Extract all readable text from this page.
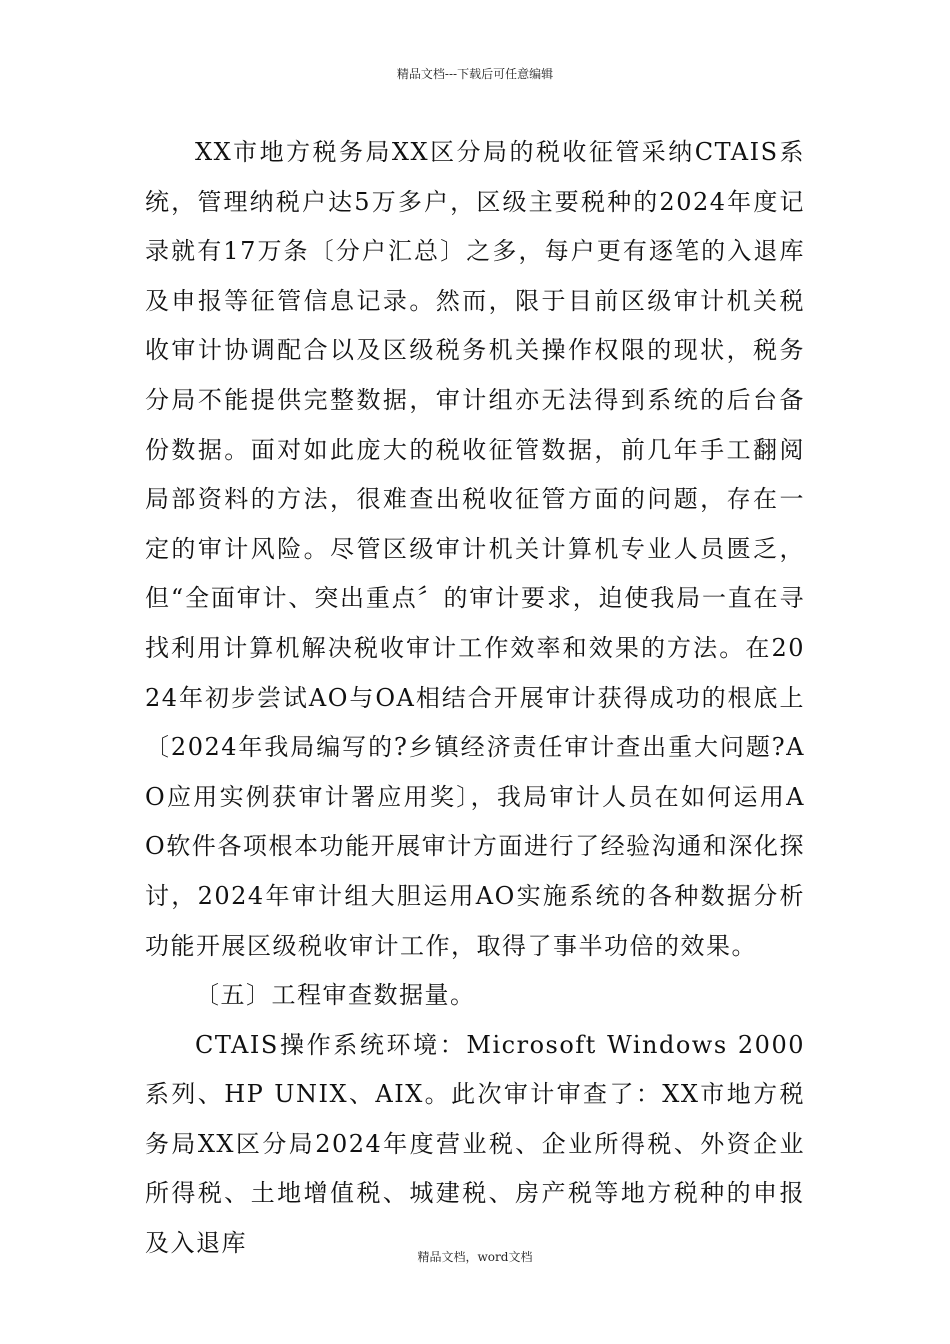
精品文档---下载后可任意编辑

XX市地方税务局XX区分局的税收征管采纳CTAIS系统，管理纳税户达5万多户，区级主要税种的2024年度记录就有17万条〔分户汇总〕之多，每户更有逐笔的入退库及申报等征管信息记录。然而，限于目前区级审计机关税收审计协调配合以及区级税务机关操作权限的现状，税务分局不能提供完整数据，审计组亦无法得到系统的后台备份数据。面对如此庞大的税收征管数据，前几年手工翻阅局部资料的方法，很难查出税收征管方面的问题，存在一定的审计风险。尽管区级审计机关计算机专业人员匮乏，但“全面审计、突出重点〞的审计要求，迫使我局一直在寻找利用计算机解决税收审计工作效率和效果的方法。在2024年初步尝试AO与OA相结合开展审计获得成功的根底上〔2024年我局编写的?乡镇经济责任审计查出重大问题?AO应用实例获审计署应用奖〕，我局审计人员在如何运用AO软件各项根本功能开展审计方面进行了经验沟通和深化探讨，2024年审计组大胆运用AO实施系统的各种数据分析功能开展区级税收审计工作，取得了事半功倍的效果。

〔五〕工程审查数据量。

CTAIS操作系统环境：Microsoft Windows 2000系列、HP UNIX、AIX。此次审计审查了：XX市地方税务局XX区分局2024年度营业税、企业所得税、外资企业所得税、土地增值税、城建税、房产税等地方税种的申报及入退库	精品文档，word文档
